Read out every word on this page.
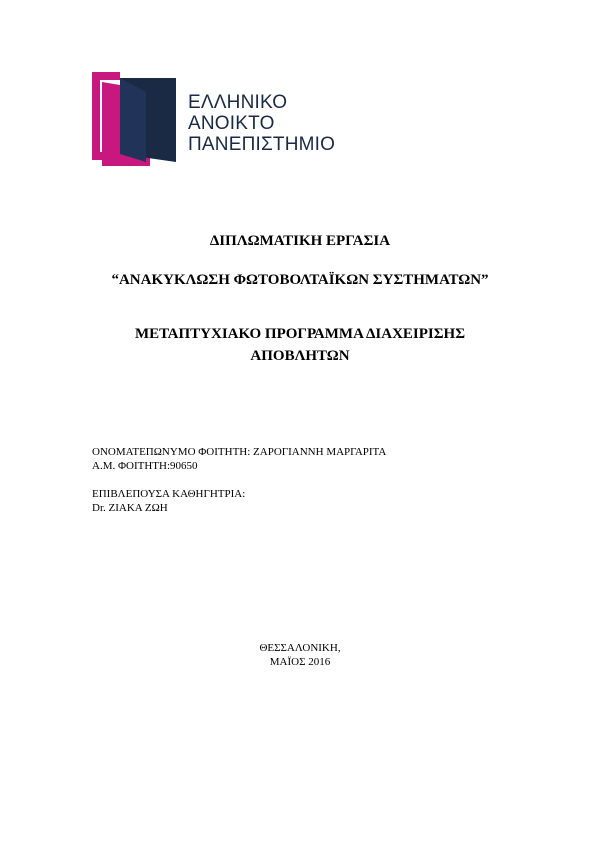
ΕΛΛΗΝΙΚΟ
ΑΝΟΙΚΤΟ
ΠΑΝΕΠΙΣΤΗΜΙΟ
ΔΙΠΛΩΜΑΤΙΚΗ ΕΡΓΑΣΙΑ
“ΑΝΑΚΥΚΛΩΣΗ ΦΩΤΟΒΟΛΤΑΪΚΩΝ ΣΥΣΤΗΜΑΤΩΝ”
ΜΕΤΑΠΤΥΧΙΑΚΟ ΠΡΟΓΡΑΜΜΑ ΔΙΑΧΕΙΡΙΣΗΣ
ΑΠΟΒΛΗΤΩΝ
ΟΝΟΜΑΤΕΠΩΝΥΜΟ ΦΟΙΤΗΤΗ: ΖΑΡΟΓΙΑΝΝΗ ΜΑΡΓΑΡΙΤΑ
Α.Μ. ΦΟΙΤΗΤΗ:90650
ΕΠΙΒΛΕΠΟΥΣΑ ΚΑΘΗΓΗΤΡΙΑ:
Dr. ΖΙΑΚΑ ΖΩΗ
ΘΕΣΣΑΛΟΝΙΚΗ,
ΜΑΪΟΣ 2016
